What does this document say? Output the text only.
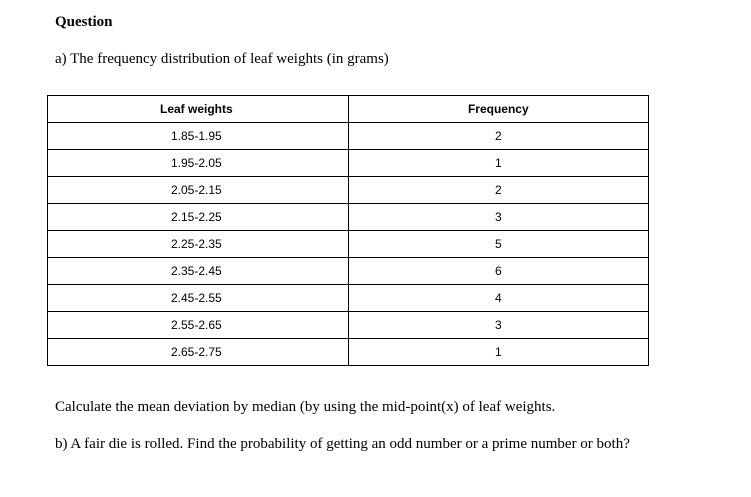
Question
a) The frequency distribution of leaf weights (in grams)
Leaf weights	Frequency
1.85-1.95	2
1.95-2.05	1
2.05-2.15	2
2.15-2.25	3
2.25-2.35	5
2.35-2.45	6
2.45-2.55	4
2.55-2.65	3
2.65-2.75	1
Calculate the mean deviation by median (by using the mid-point(x) of leaf weights.
b) A fair die is rolled. Find the probability of getting an odd number or a prime number or both?
